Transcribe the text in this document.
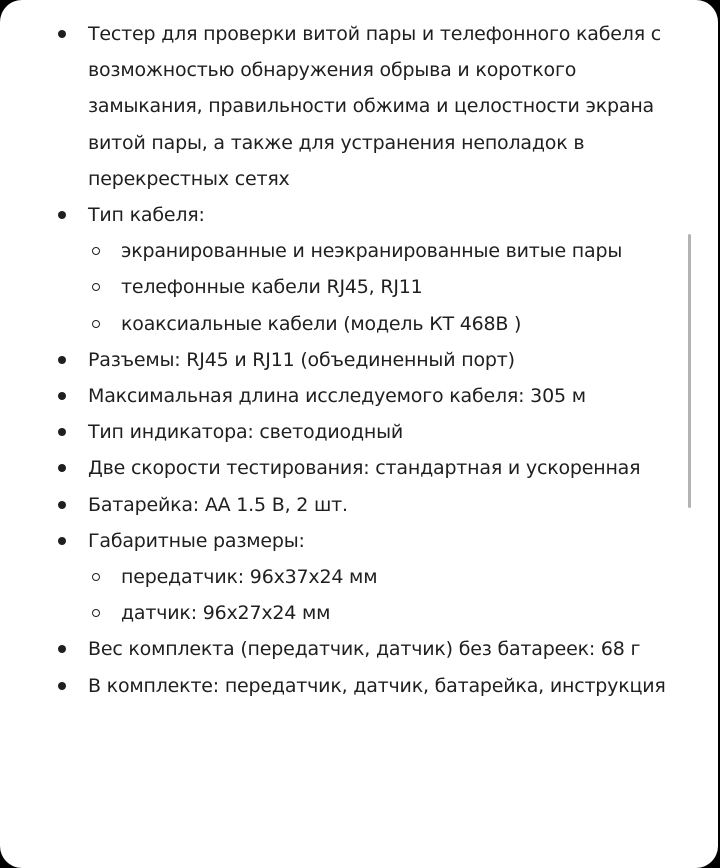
Тестер для проверки витой пары и телефонного кабеля с возможностью обнаружения обрыва и короткого замыкания, правильности обжима и целостности экрана витой пары, а также для устранения неполадок в перекрестных сетях
Тип кабеля:
экранированные и неэкранированные витые пары
телефонные кабели RJ45, RJ11
коаксиальные кабели (модель КТ 468В )
Разъемы: RJ45 и RJ11 (объединенный порт)
Максимальная длина исследуемого кабеля: 305 м
Тип индикатора: светодиодный
Две скорости тестирования: стандартная и ускоренная
Батарейка: АА 1.5 В, 2 шт.
Габаритные размеры:
передатчик: 96x37x24 мм
датчик: 96x27x24 мм
Вес комплекта (передатчик, датчик) без батареек: 68 г
В комплекте: передатчик, датчик, батарейка, инструкция
